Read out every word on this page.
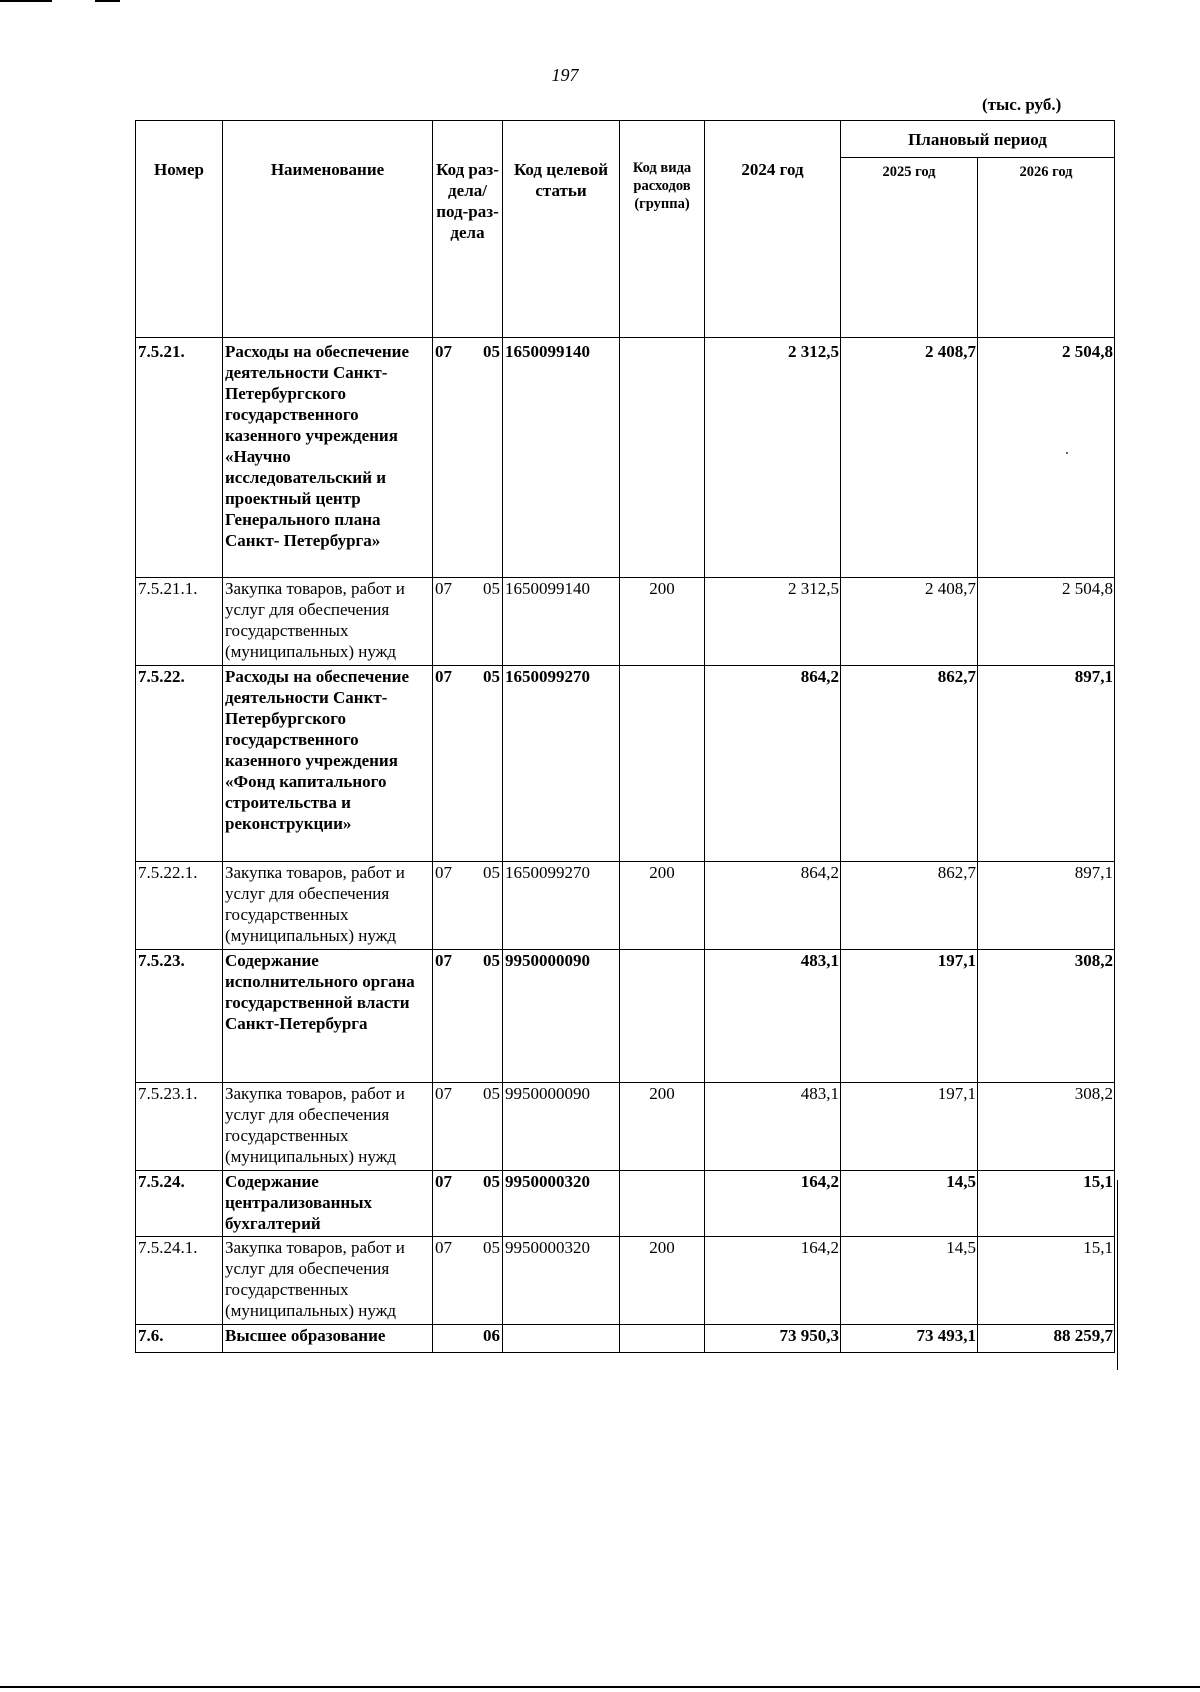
197
(тыс. руб.)
Номер	Наименование	Код раз-дела/ под-раз-дела	Код целевой статьи	Код вида расходов (группа)	2024 год	Плановый период	
						2025 год	2026 год
7.5.21.	Расходы на обеспечение деятельности Санкт-Петербургского государственного казенного учреждения «Научно исследовательский и проектный центр Генерального плана Санкт- Петербурга»	07 05	1650099140		2 312,5	2 408,7	2 504,8
7.5.21.1.	Закупка товаров, работ и услуг для обеспечения государственных (муниципальных) нужд	07 05	1650099140	200	2 312,5	2 408,7	2 504,8
7.5.22.	Расходы на обеспечение деятельности Санкт-Петербургского государственного казенного учреждения «Фонд капитального строительства и реконструкции»	07 05	1650099270		864,2	862,7	897,1
7.5.22.1.	Закупка товаров, работ и услуг для обеспечения государственных (муниципальных) нужд	07 05	1650099270	200	864,2	862,7	897,1
7.5.23.	Содержание исполнительного органа государственной власти Санкт-Петербурга	07 05	9950000090		483,1	197,1	308,2
7.5.23.1.	Закупка товаров, работ и услуг для обеспечения государственных (муниципальных) нужд	07 05	9950000090	200	483,1	197,1	308,2
7.5.24.	Содержание централизованных бухгалтерий	07 05	9950000320		164,2	14,5	15,1
7.5.24.1.	Закупка товаров, работ и услуг для обеспечения государственных (муниципальных) нужд	07 05	9950000320	200	164,2	14,5	15,1
7.6.	Высшее образование	06			73 950,3	73 493,1	88 259,7
